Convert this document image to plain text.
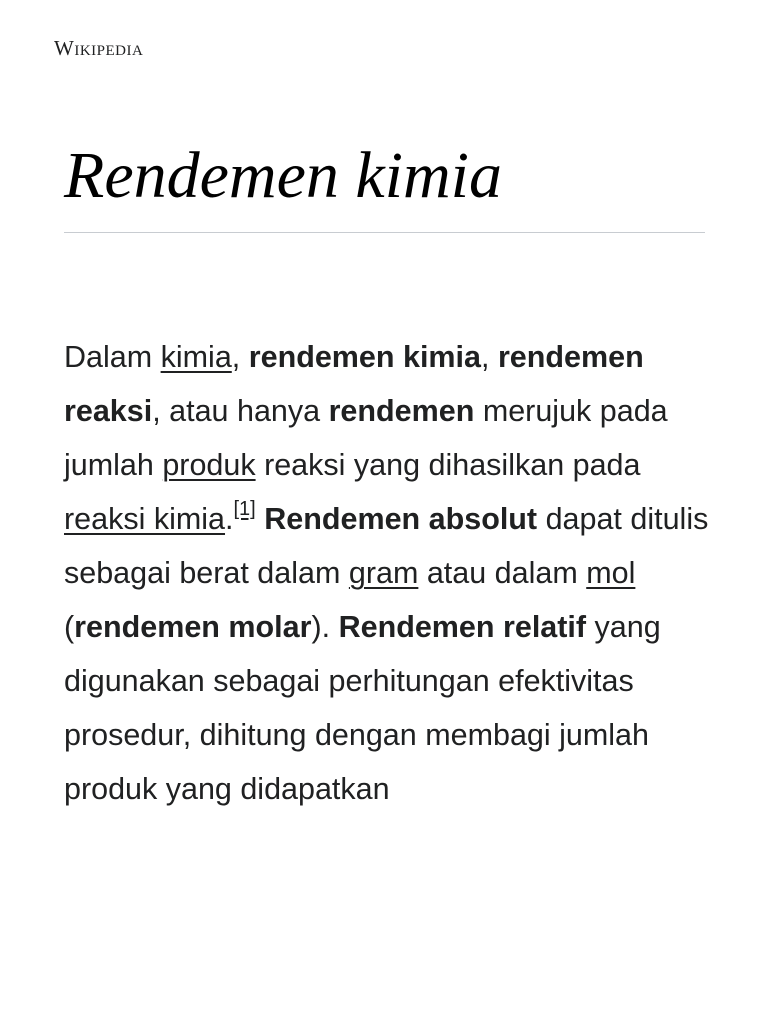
Wikipedia
Rendemen kimia

Dalam kimia, rendemen kimia, rendemen reaksi, atau hanya rendemen merujuk pada jumlah produk reaksi yang dihasilkan pada reaksi kimia.[1] Rendemen absolut dapat ditulis sebagai berat dalam gram atau dalam mol (rendemen molar). Rendemen relatif yang digunakan sebagai perhitungan efektivitas prosedur, dihitung dengan membagi jumlah produk yang didapatkan
